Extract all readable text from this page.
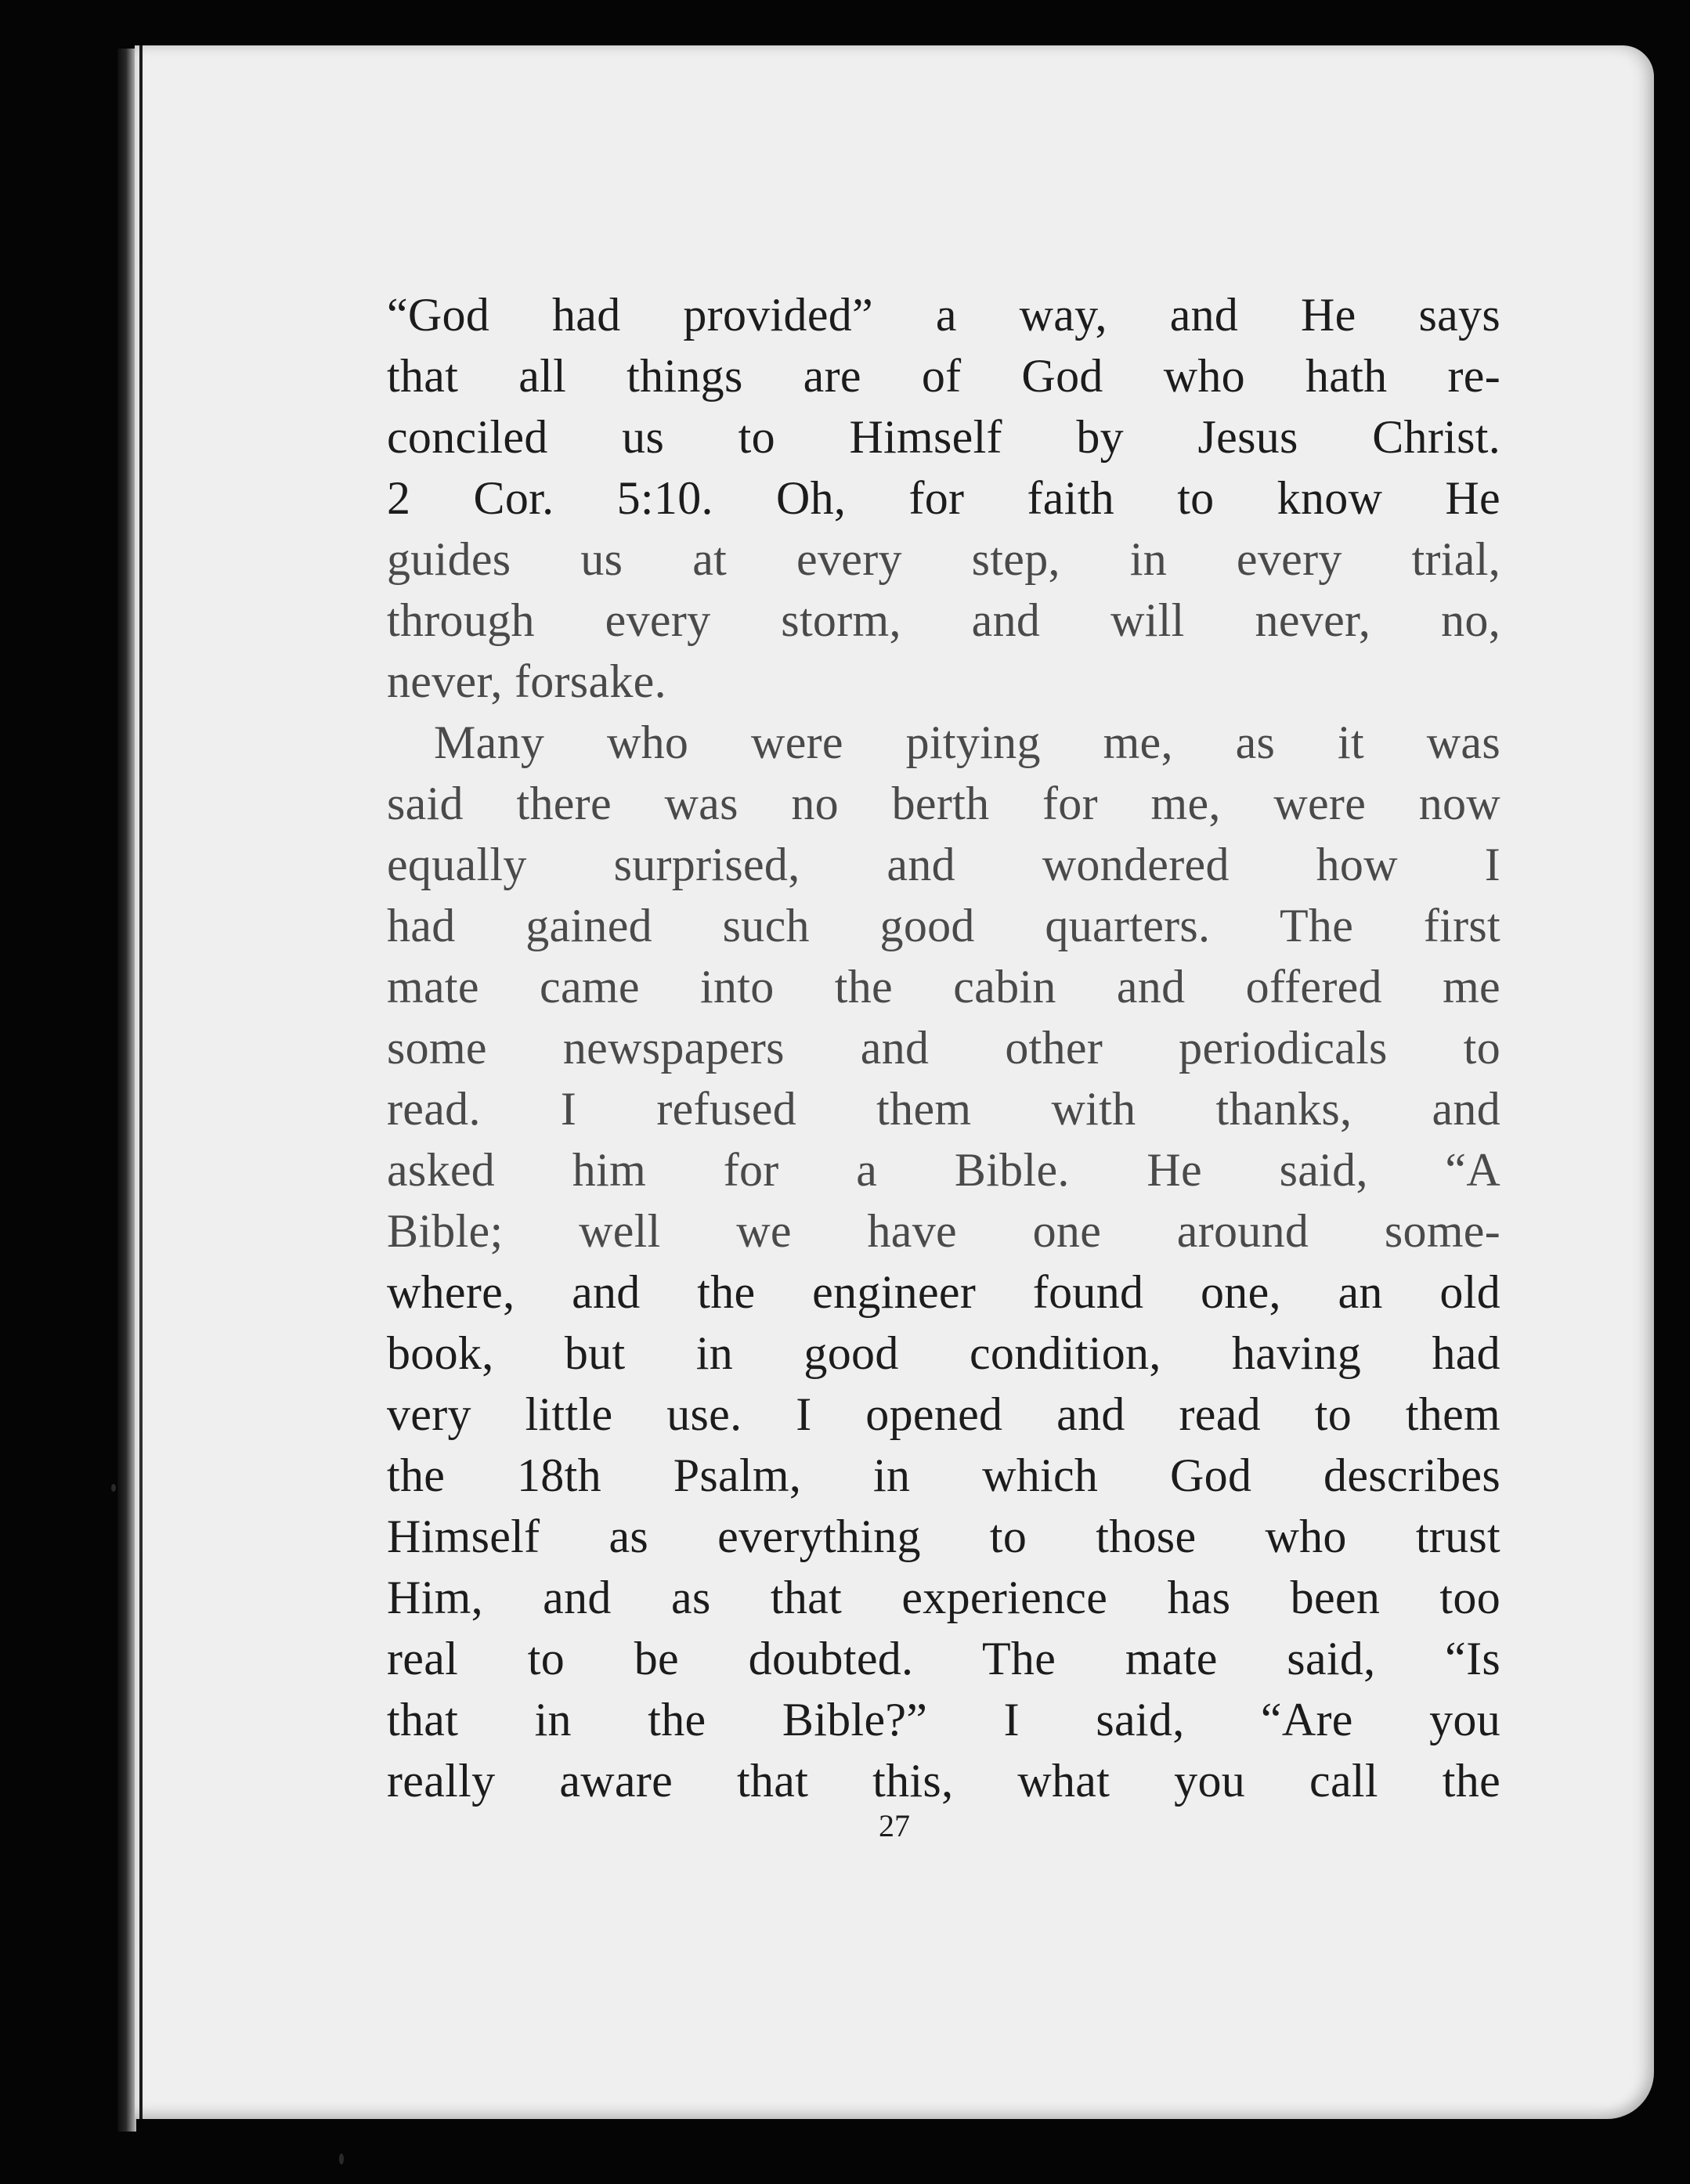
“God had provided” a way, and He says
that all things are of God who hath re-
conciled us to Himself by Jesus Christ.
2 Cor. 5:10. Oh, for faith to know He
guides us at every step, in every trial,
through every storm, and will never, no,
never, forsake.
Many who were pitying me, as it was
said there was no berth for me, were now
equally surprised, and wondered how I
had gained such good quarters. The first
mate came into the cabin and offered me
some newspapers and other periodicals to
read. I refused them with thanks, and
asked him for a Bible. He said, “A
Bible; well we have one around some-
where, and the engineer found one, an old
book, but in good condition, having had
very little use. I opened and read to them
the 18th Psalm, in which God describes
Himself as everything to those who trust
Him, and as that experience has been too
real to be doubted. The mate said, “Is
that in the Bible?” I said, “Are you
really aware that this, what you call the
27
